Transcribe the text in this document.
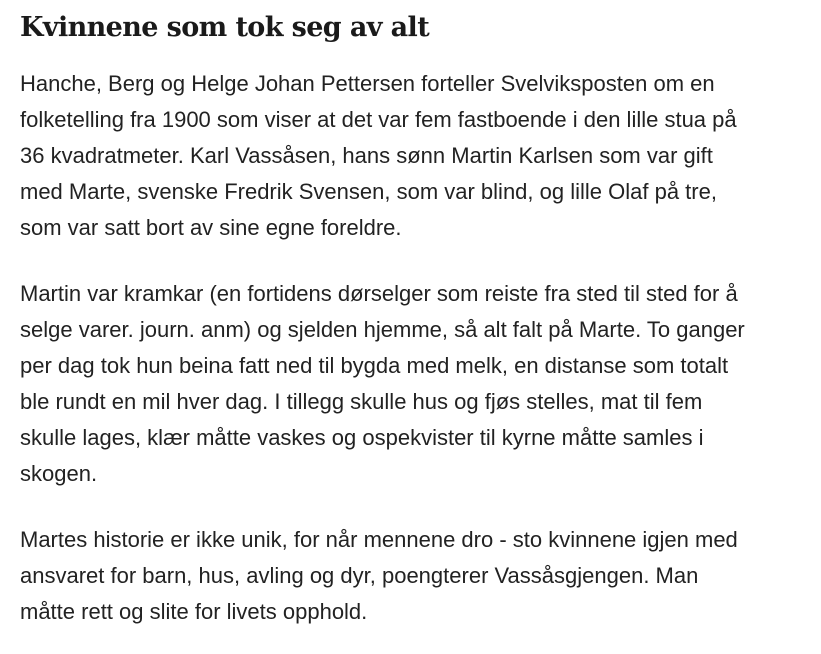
Kvinnene som tok seg av alt

Hanche, Berg og Helge Johan Pettersen forteller Svelviksposten om en
folketelling fra 1900 som viser at det var fem fastboende i den lille stua på
36 kvadratmeter. Karl Vassåsen, hans sønn Martin Karlsen som var gift
med Marte, svenske Fredrik Svensen, som var blind, og lille Olaf på tre,
som var satt bort av sine egne foreldre.

Martin var kramkar (en fortidens dørselger som reiste fra sted til sted for å
selge varer. journ. anm) og sjelden hjemme, så alt falt på Marte. To ganger
per dag tok hun beina fatt ned til bygda med melk, en distanse som totalt
ble rundt en mil hver dag. I tillegg skulle hus og fjøs stelles, mat til fem
skulle lages, klær måtte vaskes og ospekvister til kyrne måtte samles i
skogen.

Martes historie er ikke unik, for når mennene dro - sto kvinnene igjen med
ansvaret for barn, hus, avling og dyr, poengterer Vassåsgjengen. Man
måtte rett og slite for livets opphold.
